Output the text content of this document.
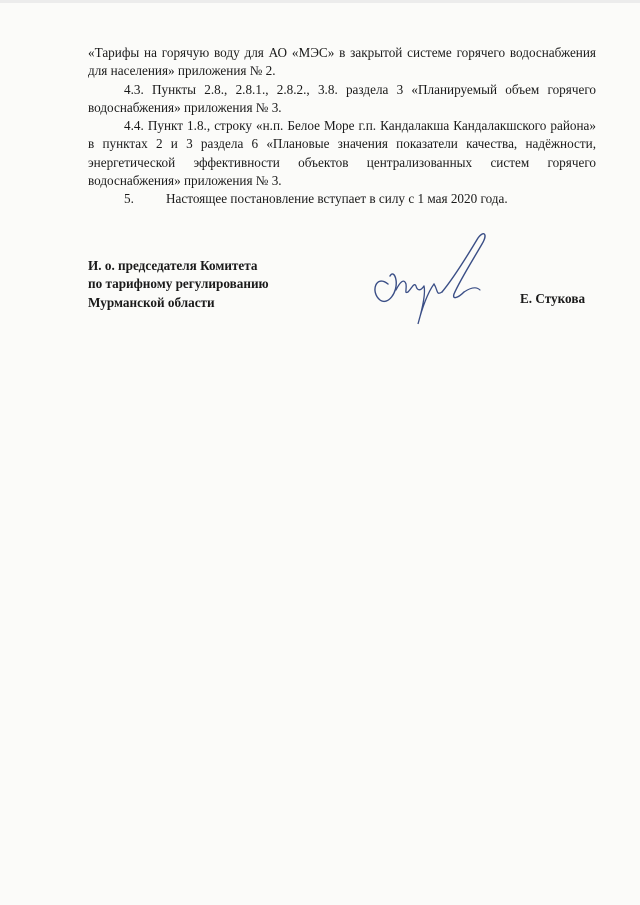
«Тарифы на горячую воду для АО «МЭС» в закрытой системе горячего водоснабжения для населения» приложения № 2.

4.3. Пункты 2.8., 2.8.1., 2.8.2., 3.8. раздела 3 «Планируемый объем горячего водоснабжения» приложения № 3.

4.4. Пункт 1.8., строку «н.п. Белое Море г.п. Кандалакша Кандалакшского района» в пунктах 2 и 3 раздела 6 «Плановые значения показатели качества, надёжности, энергетической эффективности объектов централизованных систем горячего водоснабжения» приложения № 3.

5. Настоящее постановление вступает в силу с 1 мая 2020 года.

И. о. председателя Комитета
по тарифному регулированию
Мурманской области	Е. Стукова
